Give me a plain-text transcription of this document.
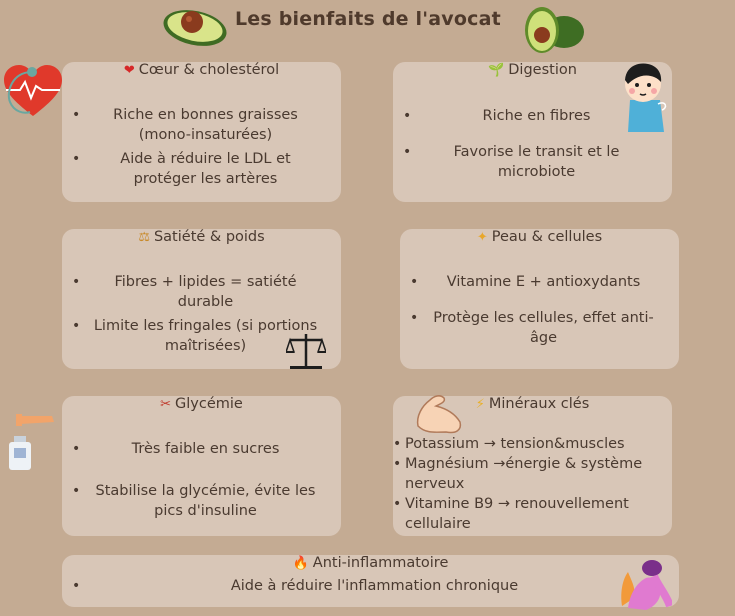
Les bienfaits de l'avocat
❤ Cœur & cholestérol
• Riche en bonnes graisses (mono-insaturées)
• Aide à réduire le LDL et protéger les artères
🌱 Digestion
• Riche en fibres
• Favorise le transit et le microbiote
⚖ Satiété & poids
• Fibres + lipides = satiété durable
• Limite les fringales (si portions maîtrisées)
✦ Peau & cellules
• Vitamine E + antioxydants
• Protège les cellules, effet anti-âge
✂ Glycémie
• Très faible en sucres
• Stabilise la glycémie, évite les pics d'insuline
⚡ Minéraux clés
• Potassium → tension&muscles
• Magnésium →énergie & système nerveux
• Vitamine B9 → renouvellement cellulaire
🔥 Anti-inflammatoire
• Aide à réduire l'inflammation chronique
